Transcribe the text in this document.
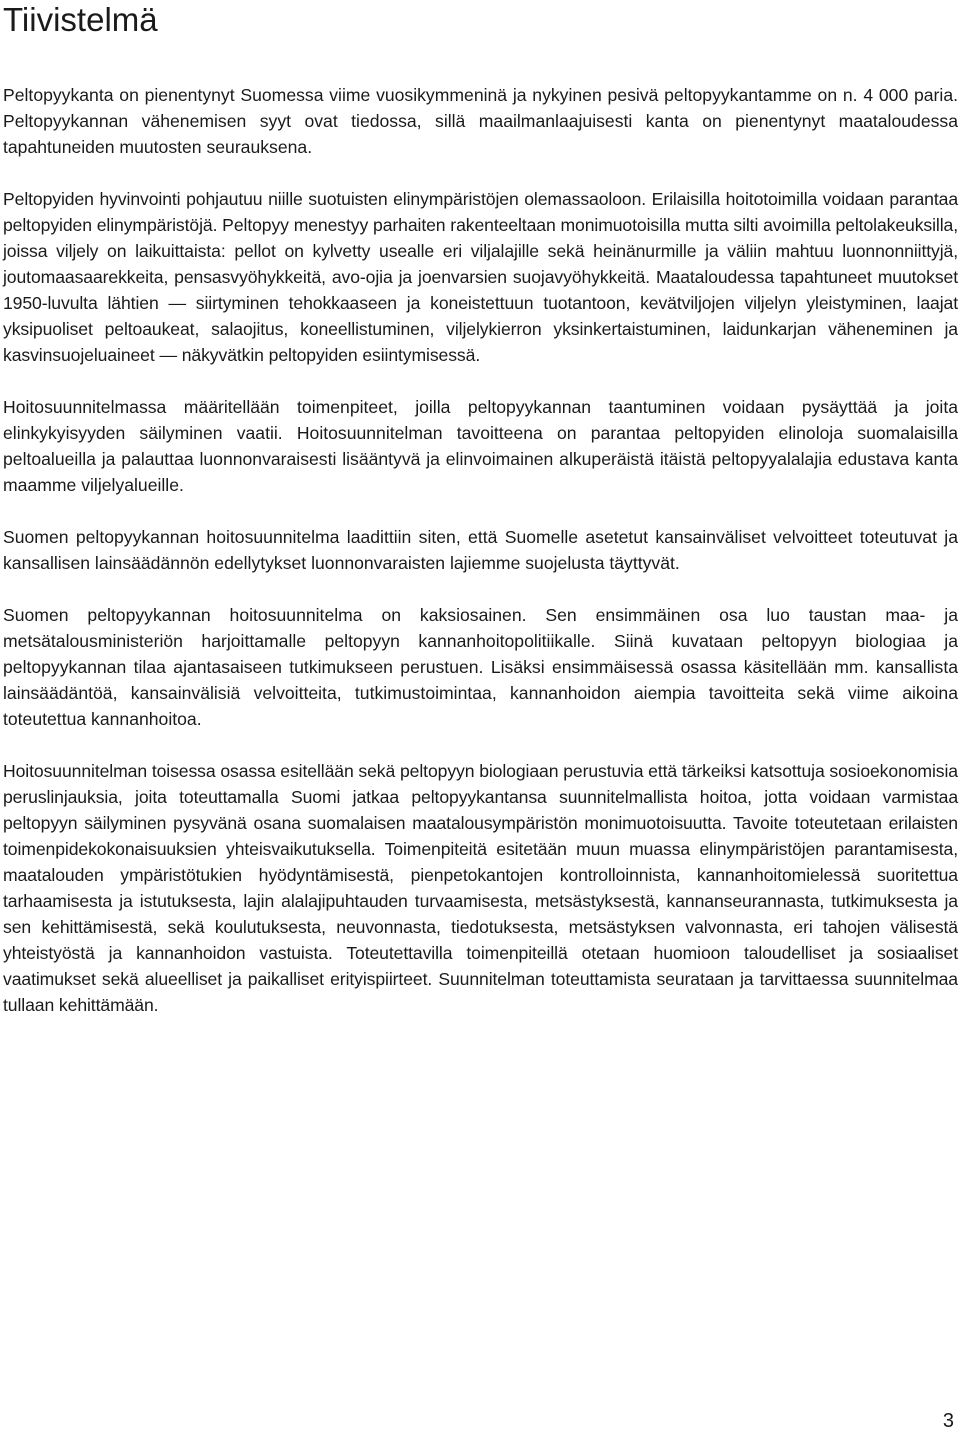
Tiivistelmä

Peltopyykanta on pienentynyt Suomessa viime vuosikymmeninä ja nykyinen pesivä peltopyykantamme on n. 4 000 paria. Peltopyykannan vähenemisen syyt ovat tiedossa, sillä maailmanlaajuisesti kanta on pienentynyt maataloudessa tapahtuneiden muutosten seurauksena.

Peltopyiden hyvinvointi pohjautuu niille suotuisten elinympäristöjen olemassaoloon. Erilaisilla hoitotoimilla voidaan parantaa peltopyiden elinympäristöjä. Peltopyy menestyy parhaiten rakenteeltaan monimuotoisilla mutta silti avoimilla peltolakeuksilla, joissa viljely on laikuittaista: pellot on kylvetty usealle eri viljalajille sekä heinänurmille ja väliin mahtuu luonnonniittyjä, joutomaasaarekkeita, pensasvyöhykkeitä, avo-ojia ja joenvarsien suojavyöhykkeitä. Maataloudessa tapahtuneet muutokset 1950-luvulta lähtien — siirtyminen tehokkaaseen ja koneistettuun tuotantoon, kevätviljojen viljelyn yleistyminen, laajat yksipuoliset peltoaukeat, salaojitus, koneellistuminen, viljelykierron yksinkertaistuminen, laidunkarjan väheneminen ja kasvinsuojeluaineet — näkyvätkin peltopyiden esiintymisessä.

Hoitosuunnitelmassa määritellään toimenpiteet, joilla peltopyykannan taantuminen voidaan pysäyttää ja joita elinkykyisyyden säilyminen vaatii. Hoitosuunnitelman tavoitteena on parantaa peltopyiden elinoloja suomalaisilla peltoalueilla ja palauttaa luonnonvaraisesti lisääntyvä ja elinvoimainen alkuperäistä itäistä peltopyyalalajia edustava kanta maamme viljelyalueille.

Suomen peltopyykannan hoitosuunnitelma laadittiin siten, että Suomelle asetetut kansainväliset velvoitteet toteutuvat ja kansallisen lainsäädännön edellytykset luonnonvaraisten lajiemme suojelusta täyttyvät.

Suomen peltopyykannan hoitosuunnitelma on kaksiosainen. Sen ensimmäinen osa luo taustan maa- ja metsätalousministeriön harjoittamalle peltopyyn kannanhoitopolitiikalle. Siinä kuvataan peltopyyn biologiaa ja peltopyykannan tilaa ajantasaiseen tutkimukseen perustuen. Lisäksi ensimmäisessä osassa käsitellään mm. kansallista lainsäädäntöä, kansainvälisiä velvoitteita, tutkimustoimintaa, kannanhoidon aiempia tavoitteita sekä viime aikoina toteutettua kannanhoitoa.

Hoitosuunnitelman toisessa osassa esitellään sekä peltopyyn biologiaan perustuvia että tärkeiksi katsottuja sosioekonomisia peruslinjauksia, joita toteuttamalla Suomi jatkaa peltopyykantansa suunnitelmallista hoitoa, jotta voidaan varmistaa peltopyyn säilyminen pysyvänä osana suomalaisen maatalousympäristön monimuotoisuutta. Tavoite toteutetaan erilaisten toimenpidekokonaisuuksien yhteisvaikutuksella. Toimenpiteitä esitetään muun muassa elinympäristöjen parantamisesta, maatalouden ympäristötukien hyödyntämisestä, pienpetokantojen kontrolloinnista, kannanhoitomielessä suoritettua tarhaamisesta ja istutuksesta, lajin alalajipuhtauden turvaamisesta, metsästyksestä, kannanseurannasta, tutkimuksesta ja sen kehittämisestä, sekä koulutuksesta, neuvonnasta, tiedotuksesta, metsästyksen valvonnasta, eri tahojen välisestä yhteistyöstä ja kannanhoidon vastuista. Toteutettavilla toimenpiteillä otetaan huomioon taloudelliset ja sosiaaliset vaatimukset sekä alueelliset ja paikalliset erityispiirteet. Suunnitelman toteuttamista seurataan ja tarvittaessa suunnitelmaa tullaan kehittämään.

3
